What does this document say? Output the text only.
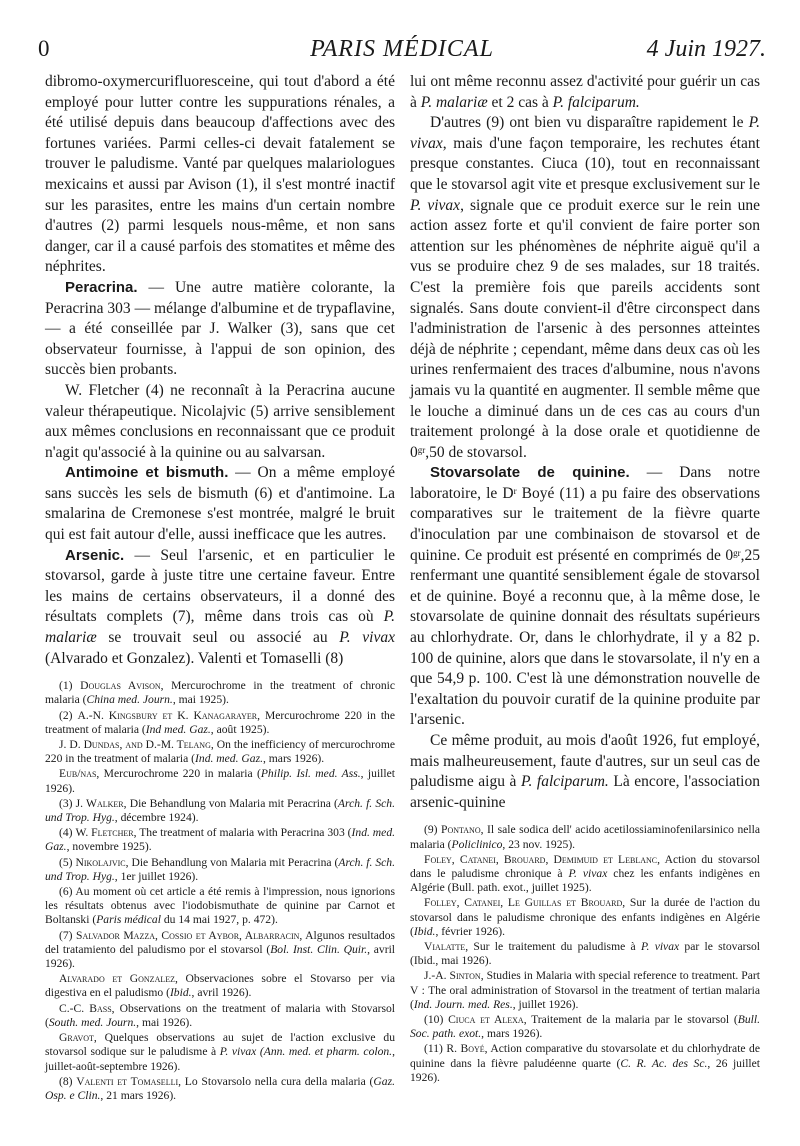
0	PARIS MÉDICAL	4 Juin 1927.

dibromo-oxymercurifluoresceine, qui tout d'abord a été employé pour lutter contre les suppurations rénales, a été utilisé depuis dans beaucoup d'affections avec des fortunes variées. Parmi celles-ci devait fatalement se trouver le paludisme. Vanté par quelques malariologues mexicains et aussi par Avison (1), il s'est montré inactif sur les parasites, entre les mains d'un certain nombre d'autres (2) parmi lesquels nous-même, et non sans danger, car il a causé parfois des stomatites et même des néphrites.

Peracrina. — Une autre matière colorante, la Peracrina 303 — mélange d'albumine et de trypaflavine, — a été conseillée par J. Walker (3), sans que cet observateur fournisse, à l'appui de son opinion, des succès bien probants.

W. Fletcher (4) ne reconnaît à la Peracrina aucune valeur thérapeutique. Nicolajvic (5) arrive sensiblement aux mêmes conclusions en reconnaissant que ce produit n'agit qu'associé à la quinine ou au salvarsan.

Antimoine et bismuth. — On a même employé sans succès les sels de bismuth (6) et d'antimoine. La smalarina de Cremonese s'est montrée, malgré le bruit qui est fait autour d'elle, aussi inefficace que les autres.

Arsenic. — Seul l'arsenic, et en particulier le stovarsol, garde à juste titre une certaine faveur. Entre les mains de certains observateurs, il a donné des résultats complets (7), même dans trois cas où P. malariæ se trouvait seul ou associé au P. vivax (Alvarado et Gonzalez). Valenti et Tomaselli (8)

(1) Douglas Avison, Mercurochrome in the treatment of chronic malaria (China med. Journ., mai 1925).

(2) A.-N. Kingsbury et K. Kanagarayer, Mercurochrome 220 in the treatment of malaria (Ind med. Gaz., août 1925).

J. D. Dundas, and D.-M. Telang, On the inefficiency of mercurochrome 220 in the treatment of malaria (Ind. med. Gaz., mars 1926).

Eub/nas, Mercurochrome 220 in malaria (Philip. Isl. med. Ass., juillet 1926).

(3) J. Walker, Die Behandlung von Malaria mit Peracrina (Arch. f. Sch. und Trop. Hyg., décembre 1924).

(4) W. Fletcher, The treatment of malaria with Peracrina 303 (Ind. med. Gaz., novembre 1925).

(5) Nikolajvic, Die Behandlung von Malaria mit Peracrina (Arch. f. Sch. und Trop. Hyg., 1er juillet 1926).

(6) Au moment où cet article a été remis à l'impression, nous ignorions les résultats obtenus avec l'iodobismuthate de quinine par Carnot et Boltanski (Paris médical du 14 mai 1927, p. 472).

(7) Salvador Mazza, Cossio et Aybor, Albarracin, Algunos resultados del tratamiento del paludismo por el stovarsol (Bol. Inst. Clin. Quir., avril 1926).

Alvarado et Gonzalez, Observaciones sobre el Stovarso per via digestiva en el paludismo (Ibid., avril 1926).

C.-C. Bass, Observations on the treatment of malaria with Stovarsol (South. med. Journ., mai 1926).

Gravot, Quelques observations au sujet de l'action exclusive du stovarsol sodique sur le paludisme à P. vivax (Ann. med. et pharm. colon., juillet-août-septembre 1926).

(8) Valenti et Tomaselli, Lo Stovarsolo nella cura della malaria (Gaz. Osp. e Clin., 21 mars 1926).

lui ont même reconnu assez d'activité pour guérir un cas à P. malariæ et 2 cas à P. falciparum.

D'autres (9) ont bien vu disparaître rapidement le P. vivax, mais d'une façon temporaire, les rechutes étant presque constantes. Ciuca (10), tout en reconnaissant que le stovarsol agit vite et presque exclusivement sur le P. vivax, signale que ce produit exerce sur le rein une action assez forte et qu'il convient de faire porter son attention sur les phénomènes de néphrite aiguë qu'il a vus se produire chez 9 de ses malades, sur 18 traités. C'est la première fois que pareils accidents sont signalés. Sans doute convient-il d'être circonspect dans l'administration de l'arsenic à des personnes atteintes déjà de néphrite ; cependant, même dans deux cas où les urines renfermaient des traces d'albumine, nous n'avons jamais vu la quantité en augmenter. Il semble même que le louche a diminué dans un de ces cas au cours d'un traitement prolongé à la dose orale et quotidienne de $0^{gr},50$ de stovarsol.

Stovarsolate de quinine. — Dans notre laboratoire, le $D^r$ Boyé (11) a pu faire des observations comparatives sur le traitement de la fièvre quarte d'inoculation par une combinaison de stovarsol et de quinine. Ce produit est présenté en comprimés de $0^{gr},25$ renfermant une quantité sensiblement égale de stovarsol et de quinine. Boyé a reconnu que, à la même dose, le stovarsolate de quinine donnait des résultats supérieurs au chlorhydrate. Or, dans le chlorhydrate, il y a 82 p. 100 de quinine, alors que dans le stovarsolate, il n'y en a que 54,9 p. 100. C'est là une démonstration nouvelle de l'exaltation du pouvoir curatif de la quinine produite par l'arsenic.

Ce même produit, au mois d'août 1926, fut employé, mais malheureusement, faute d'autres, sur un seul cas de paludisme aigu à P. falciparum. Là encore, l'association arsenic-quinine

(9) Pontano, Il sale sodica dell' acido acetilossiaminofenilarsinico nella malaria (Policlinico, 23 nov. 1925).

Foley, Catanei, Brouard, Demimuid et Leblanc, Action du stovarsol dans le paludisme chronique à P. vivax chez les enfants indigènes en Algérie (Bull. path. exot., juillet 1925).

Folley, Catanei, Le Guillas et Brouard, Sur la durée de l'action du stovarsol dans le paludisme chronique des enfants indigènes en Algérie (Ibid., février 1926).

Vialatte, Sur le traitement du paludisme à P. vivax par le stovarsol (Ibid., mai 1926).

J.-A. Sinton, Studies in Malaria with special reference to treatment. Part V : The oral administration of Stovarsol in the treatment of tertian malaria (Ind. Journ. med. Res., juillet 1926).

(10) Ciuca et Alexa, Traitement de la malaria par le stovarsol (Bull. Soc. path. exot., mars 1926).

(11) R. Boyé, Action comparative du stovarsolate et du chlorhydrate de quinine dans la fièvre paludéenne quarte (C. R. Ac. des Sc., 26 juillet 1926).
